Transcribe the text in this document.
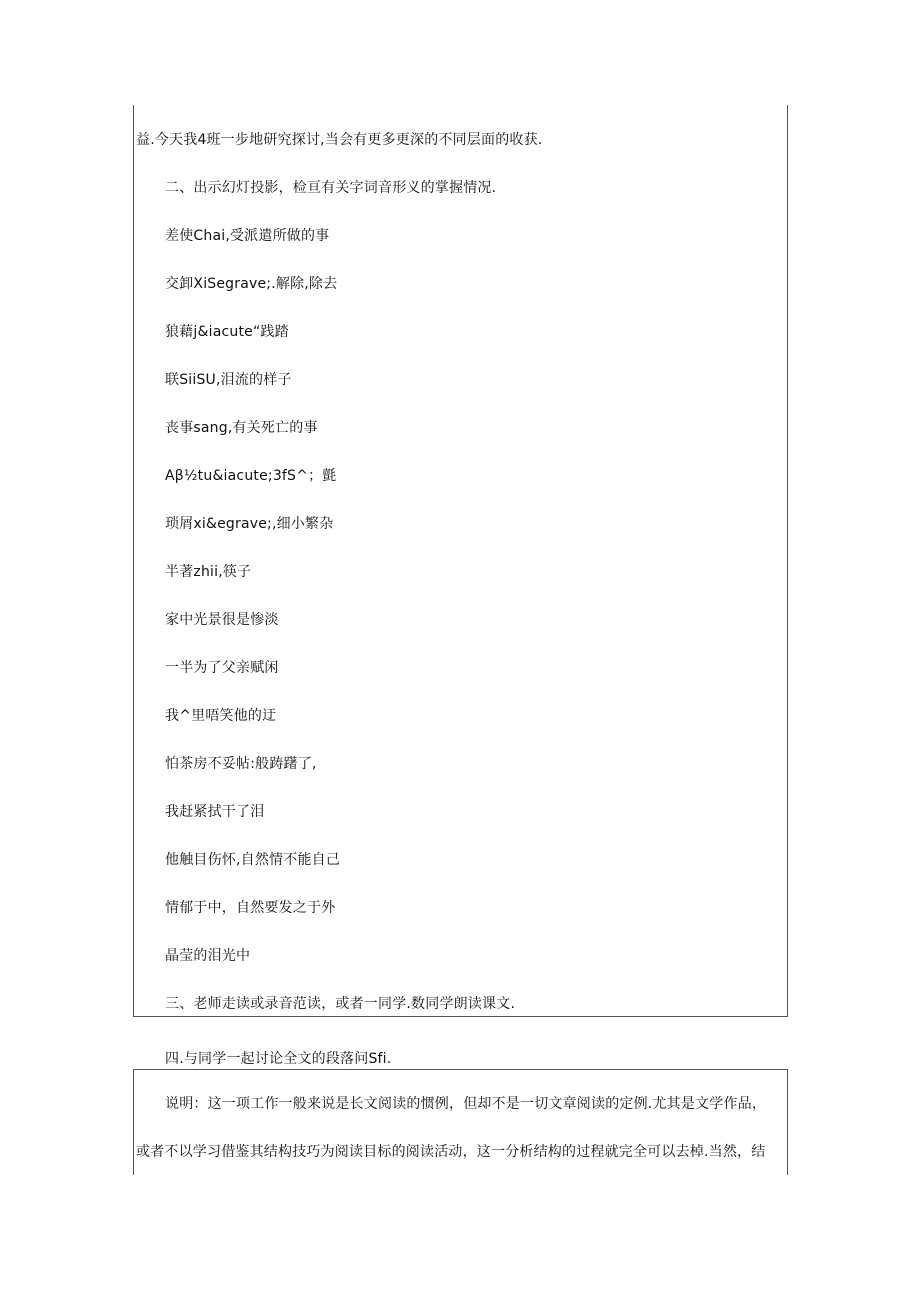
益.今天我4班一步地研究探讨,当会有更多更深的不同层面的收获.
二、出示幻灯投影，检亘有关字词音形义的掌握情况.
差使Chai,受派遣所做的事
交卸XiSegrave;.解除,除去
狼藉j&iacute“践踏
联SiiSU,泪流的样子
丧事sang,有关死亡的事
Aβ½tu&iacute;3fS^；氈
琐屑xi&egrave;,细小繁杂
半著zhii,筷子
家中光景很是惨淡
一半为了父亲赋闲
我^里唔笑他的迂
怕茶房不妥帖:般踌躇了,
我赶紧拭干了泪
他触目伤怀,自然情不能自己
情郁于中，自然要发之于外
晶莹的泪光中
三、老师走读或录音范读，或者一同学.数同学朗读课文.
四.与同学一起讨论全文的段落问Sfi.
说明：这一项工作一般来说是长文阅读的惯例，但却不是一切文章阅读的定例.尤其是文学作品，
或者不以学习借鉴其结构技巧为阅读目标的阅读活动，这一分析结构的过程就完全可以去棹.当然，结
